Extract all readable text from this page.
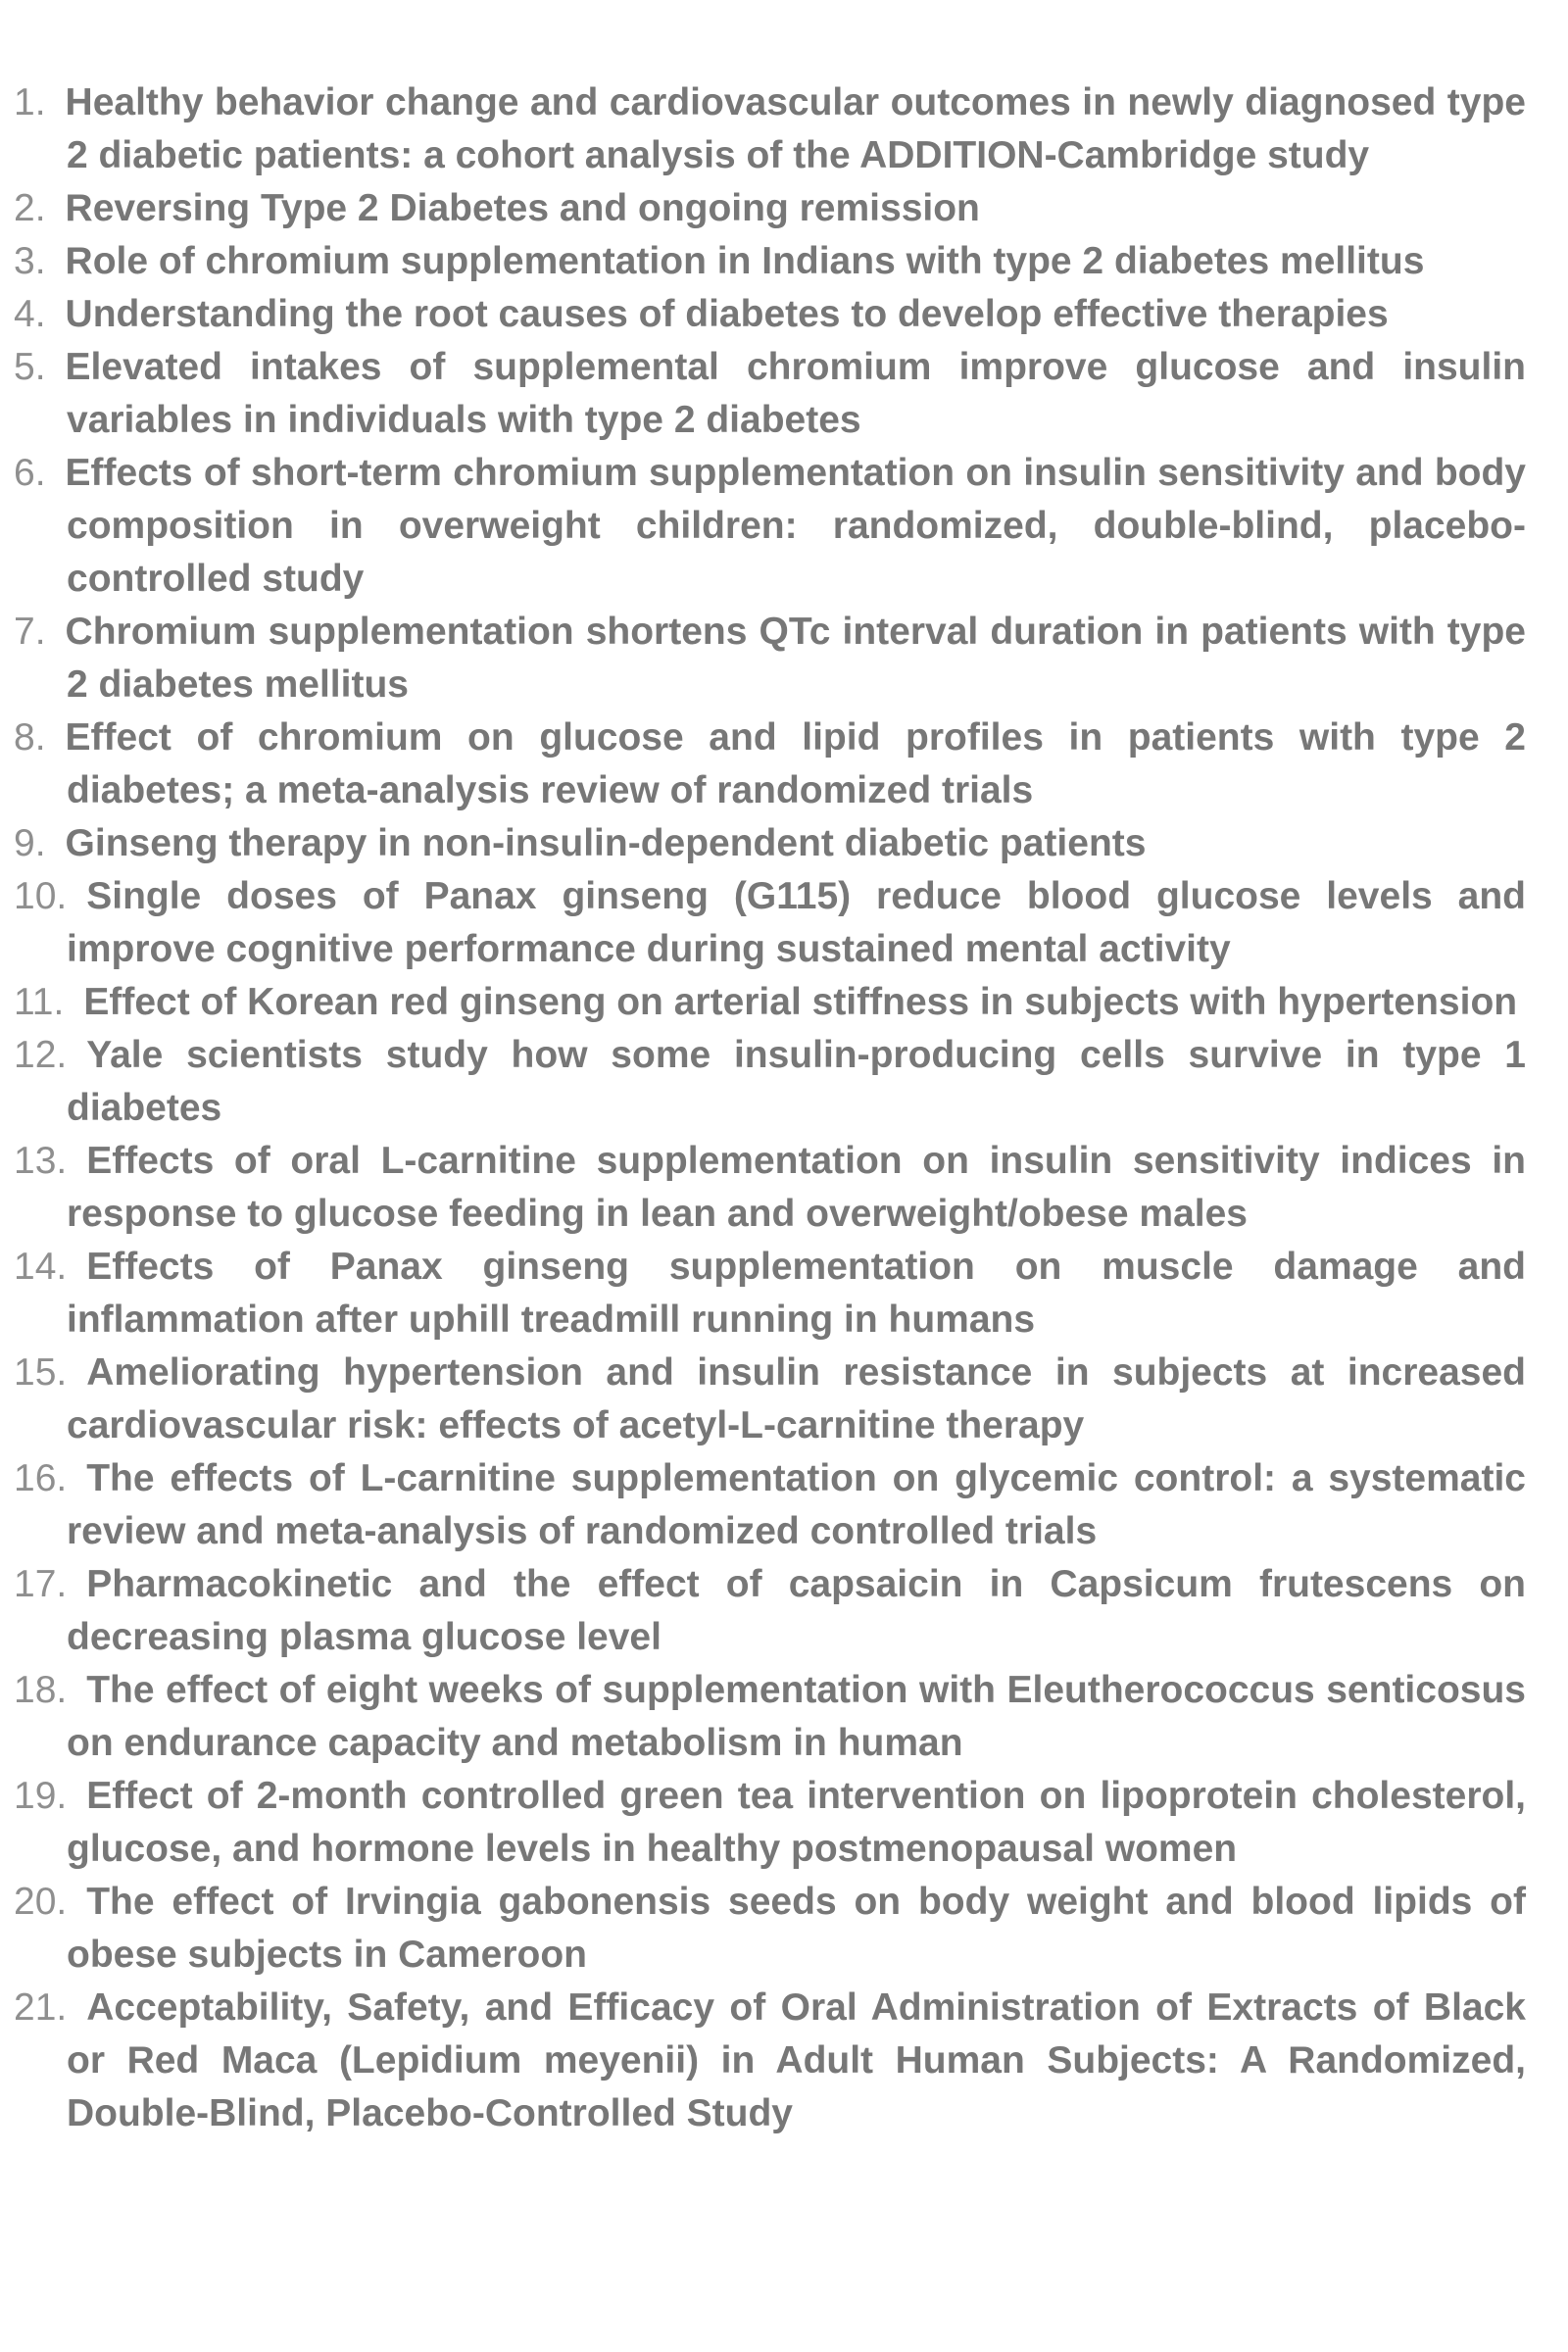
1. Healthy behavior change and cardiovascular outcomes in newly diagnosed type 2 diabetic patients: a cohort analysis of the ADDITION-Cambridge study
2. Reversing Type 2 Diabetes and ongoing remission
3. Role of chromium supplementation in Indians with type 2 diabetes mellitus
4. Understanding the root causes of diabetes to develop effective therapies
5. Elevated intakes of supplemental chromium improve glucose and insulin variables in individuals with type 2 diabetes
6. Effects of short-term chromium supplementation on insulin sensitivity and body composition in overweight children: randomized, double-blind, placebo-controlled study
7. Chromium supplementation shortens QTc interval duration in patients with type 2 diabetes mellitus
8. Effect of chromium on glucose and lipid profiles in patients with type 2 diabetes; a meta-analysis review of randomized trials
9. Ginseng therapy in non-insulin-dependent diabetic patients
10. Single doses of Panax ginseng (G115) reduce blood glucose levels and improve cognitive performance during sustained mental activity
11. Effect of Korean red ginseng on arterial stiffness in subjects with hypertension
12. Yale scientists study how some insulin-producing cells survive in type 1 diabetes
13. Effects of oral L-carnitine supplementation on insulin sensitivity indices in response to glucose feeding in lean and overweight/obese males
14. Effects of Panax ginseng supplementation on muscle damage and inflammation after uphill treadmill running in humans
15. Ameliorating hypertension and insulin resistance in subjects at increased cardiovascular risk: effects of acetyl-L-carnitine therapy
16. The effects of L-carnitine supplementation on glycemic control: a systematic review and meta-analysis of randomized controlled trials
17. Pharmacokinetic and the effect of capsaicin in Capsicum frutescens on decreasing plasma glucose level
18. The effect of eight weeks of supplementation with Eleutherococcus senticosus on endurance capacity and metabolism in human
19. Effect of 2-month controlled green tea intervention on lipoprotein cholesterol, glucose, and hormone levels in healthy postmenopausal women
20. The effect of Irvingia gabonensis seeds on body weight and blood lipids of obese subjects in Cameroon
21. Acceptability, Safety, and Efficacy of Oral Administration of Extracts of Black or Red Maca (Lepidium meyenii) in Adult Human Subjects: A Randomized, Double-Blind, Placebo-Controlled Study
